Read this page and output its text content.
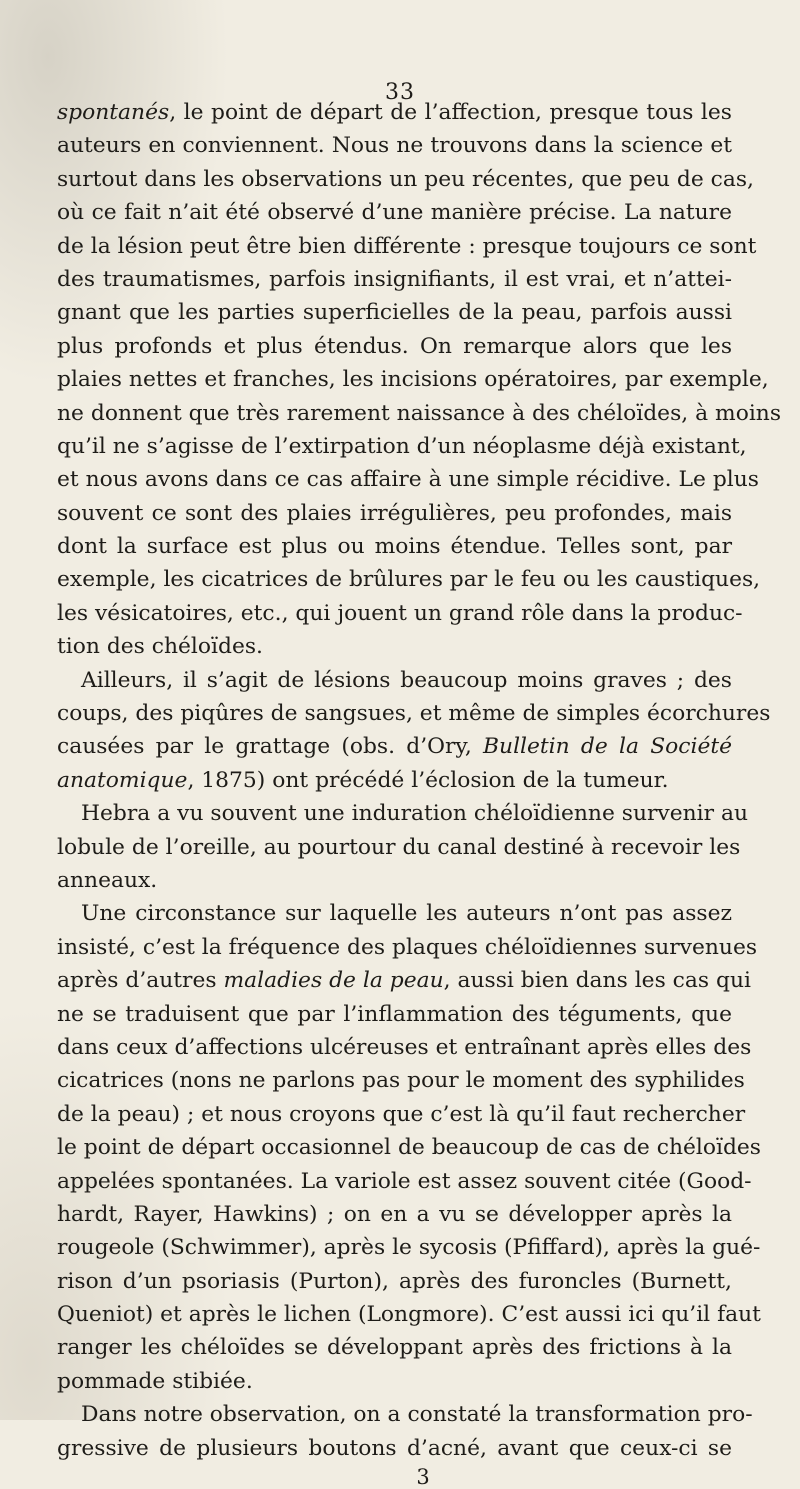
33
spontanés, le point de départ de l’affection, presque tous les
auteurs en conviennent. Nous ne trouvons dans la science et
surtout dans les observations un peu récentes, que peu de cas,
où ce fait n’ait été observé d’une manière précise. La nature
de la lésion peut être bien différente : presque toujours ce sont
des traumatismes, parfois insignifiants, il est vrai, et n’attei-
gnant que les parties superficielles de la peau, parfois aussi
plus profonds et plus étendus. On remarque alors que les
plaies nettes et franches, les incisions opératoires, par exemple,
ne donnent que très rarement naissance à des chéloïdes, à moins
qu’il ne s’agisse de l’extirpation d’un néoplasme déjà existant,
et nous avons dans ce cas affaire à une simple récidive. Le plus
souvent ce sont des plaies irrégulières, peu profondes, mais
dont la surface est plus ou moins étendue. Telles sont, par
exemple, les cicatrices de brûlures par le feu ou les caustiques,
les vésicatoires, etc., qui jouent un grand rôle dans la produc-
tion des chéloïdes.
Ailleurs, il s’agit de lésions beaucoup moins graves ; des
coups, des piqûres de sangsues, et même de simples écorchures
causées par le grattage (obs. d’Ory, Bulletin de la Société
anatomique, 1875) ont précédé l’éclosion de la tumeur.
Hebra a vu souvent une induration chéloïdienne survenir au
lobule de l’oreille, au pourtour du canal destiné à recevoir les
anneaux.
Une circonstance sur laquelle les auteurs n’ont pas assez
insisté, c’est la fréquence des plaques chéloïdiennes survenues
après d’autres maladies de la peau, aussi bien dans les cas qui
ne se traduisent que par l’inflammation des téguments, que
dans ceux d’affections ulcéreuses et entraînant après elles des
cicatrices (nons ne parlons pas pour le moment des syphilides
de la peau) ; et nous croyons que c’est là qu’il faut rechercher
le point de départ occasionnel de beaucoup de cas de chéloïdes
appelées spontanées. La variole est assez souvent citée (Good-
hardt, Rayer, Hawkins) ; on en a vu se développer après la
rougeole (Schwimmer), après le sycosis (Pfiffard), après la gué-
rison d’un psoriasis (Purton), après des furoncles (Burnett,
Queniot) et après le lichen (Longmore). C’est aussi ici qu’il faut
ranger les chéloïdes se développant après des frictions à la
pommade stibiée.
Dans notre observation, on a constaté la transformation pro-
gressive de plusieurs boutons d’acné, avant que ceux-ci se
3
